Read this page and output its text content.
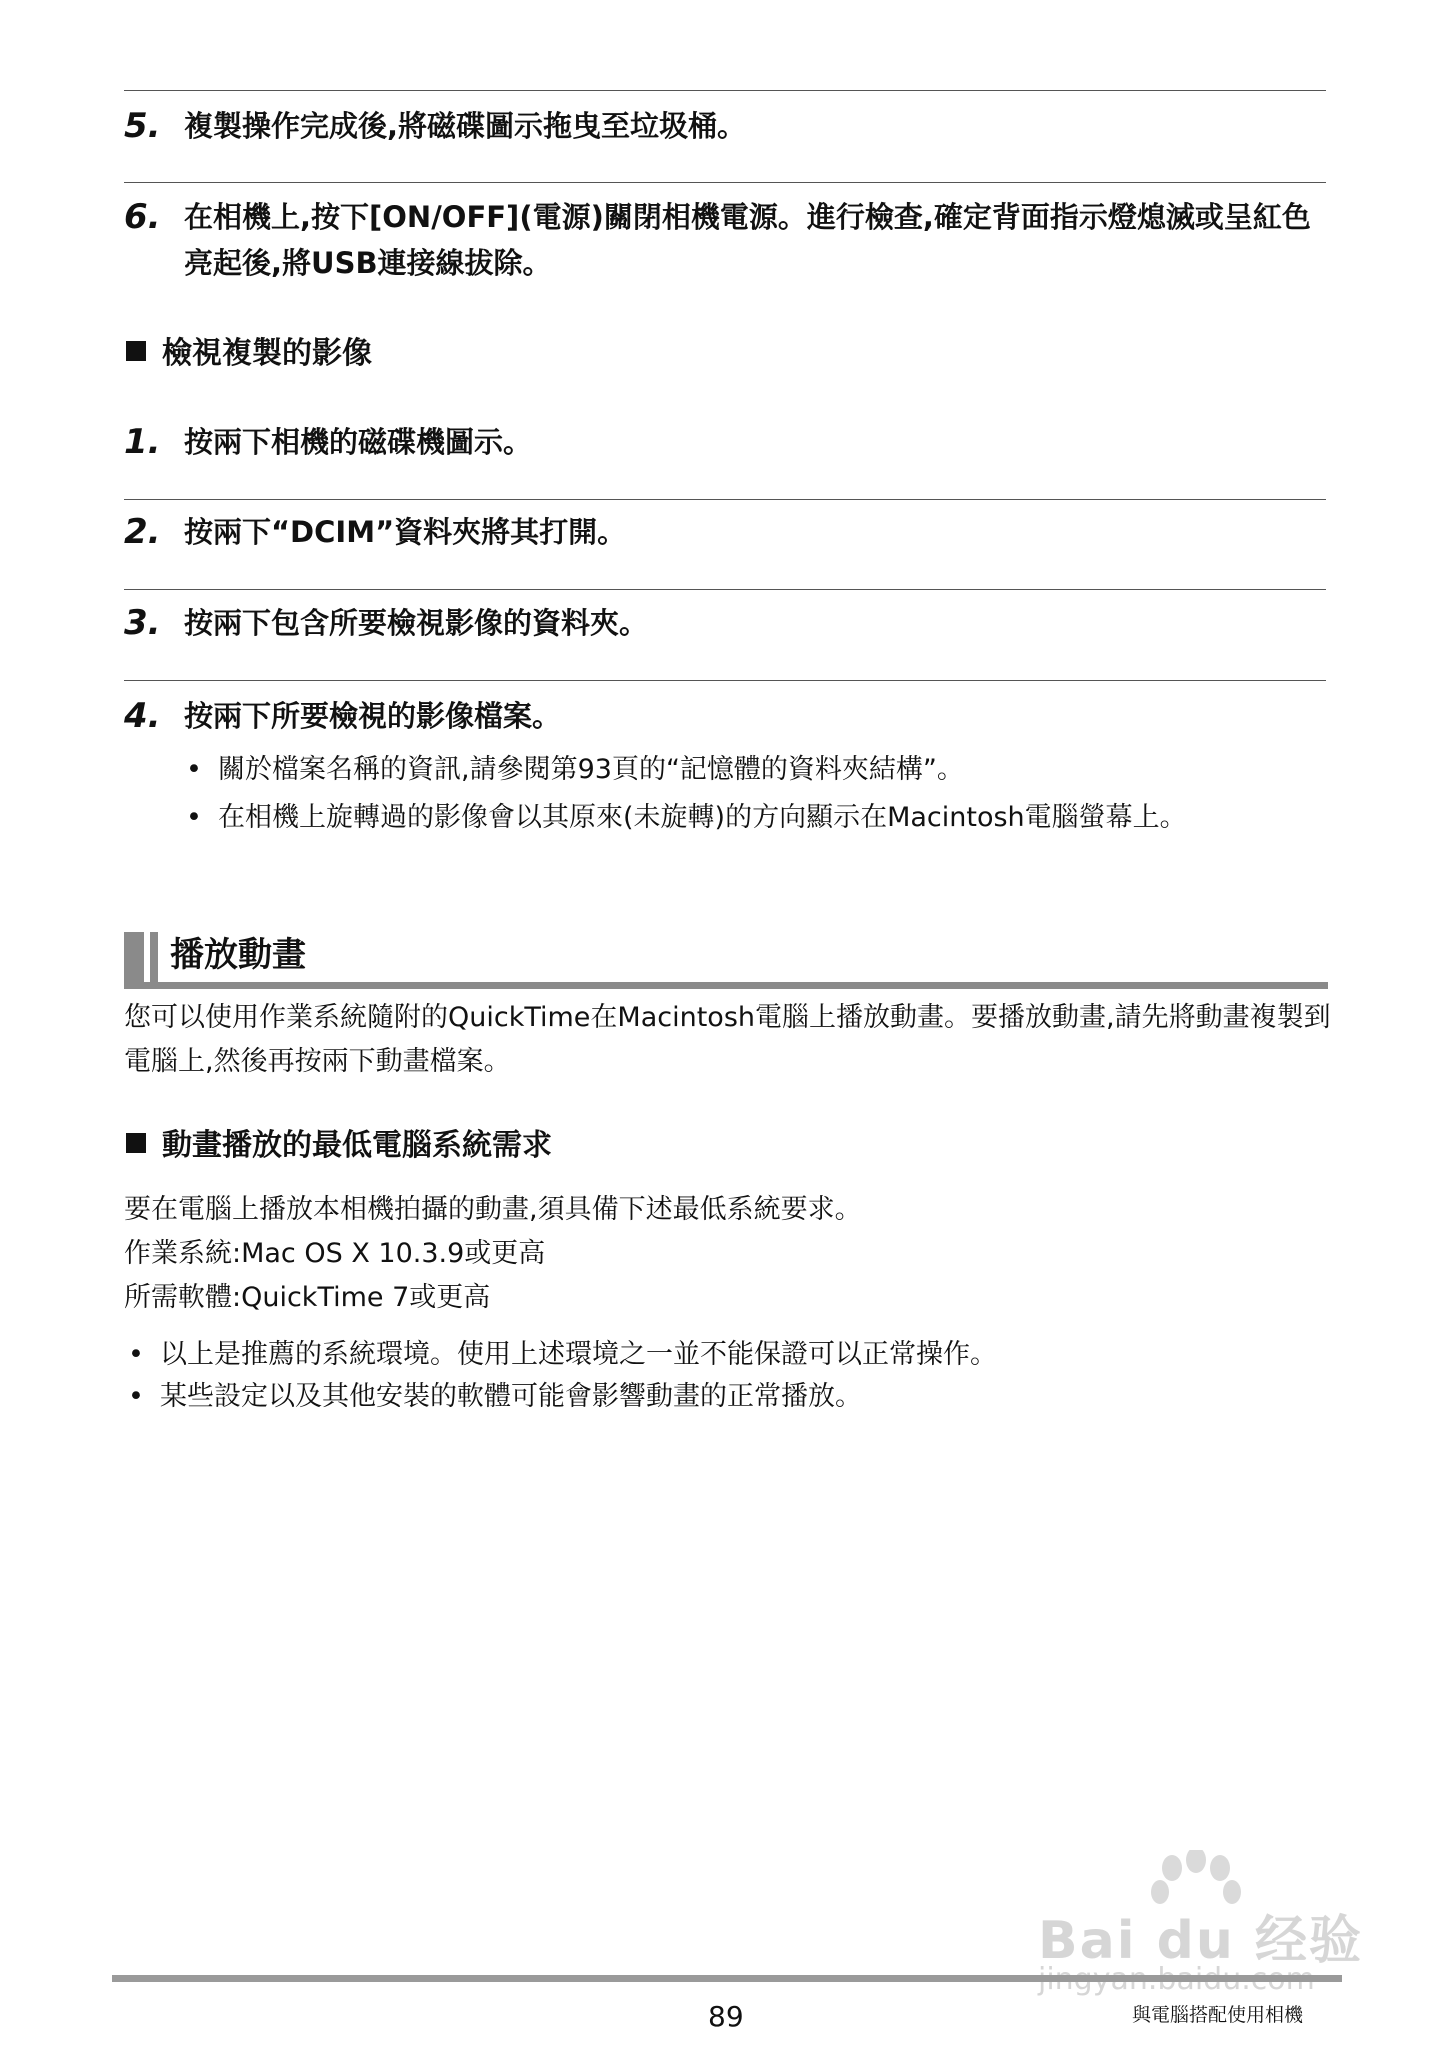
5. 複製操作完成後,將磁碟圖示拖曳至垃圾桶。
6. 在相機上,按下[ON/OFF](電源)關閉相機電源。進行檢查,確定背面指示燈熄滅或呈紅色亮起後,將USB連接線拔除。
檢視複製的影像
1. 按兩下相機的磁碟機圖示。
2. 按兩下“DCIM”資料夾將其打開。
3. 按兩下包含所要檢視影像的資料夾。
4. 按兩下所要檢視的影像檔案。
• 關於檔案名稱的資訊,請參閱第93頁的“記憶體的資料夾結構”。
• 在相機上旋轉過的影像會以其原來(未旋轉)的方向顯示在Macintosh電腦螢幕上。
播放動畫
您可以使用作業系統隨附的QuickTime在Macintosh電腦上播放動畫。要播放動畫,請先將動畫複製到電腦上,然後再按兩下動畫檔案。
動畫播放的最低電腦系統需求
要在電腦上播放本相機拍攝的動畫,須具備下述最低系統要求。
作業系統:Mac OS X 10.3.9或更高
所需軟體:QuickTime 7或更高
• 以上是推薦的系統環境。使用上述環境之一並不能保證可以正常操作。
• 某些設定以及其他安裝的軟體可能會影響動畫的正常播放。
Bai du 经验
89	與電腦搭配使用相機
